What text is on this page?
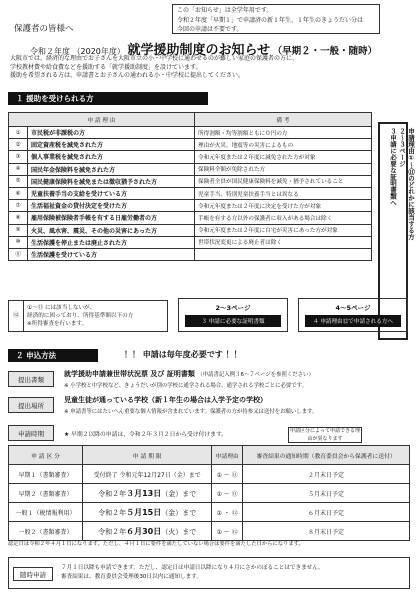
この「お知らせ」は全学年用です。
令和２年度「早期１」で申請済の新１年生、１年生のきょうだい分は
今回の申請は不要です。
保護者の皆様へ
令和２年度 （2020年度） 就学援助制度のお知らせ （早期２・一般・随時）
大阪市では、経済的な理由でお子さんを大阪市立の小・中学校に通わせるのが難しい家庭の保護者の方に、
学校教材費や給食費などを援助する「就学援助制度」を設けています。
援助を希望される方は、申請書とお子さんの通われる小・中学校に提出してください。
１ 援助を受けられる方
申 請 理 由		備 考
①	市民税が非課税の方	所得割額・均等割額ともに０円の方
②	固定資産税を減免された方	理由が火災、地震等の災害によるもの
③	個人事業税を減免された方	令和元年度または２年度に減免された方が対象
④	国民年金保険料を減免された方	保険料全額が免除された方
⑤	国民健康保険料を減免または徴収猶予された方	保険者全員が国民健康保険料を減免・猶予されていること
⑥	児童扶養手当の支給を受けている方	児童手当、特別児童扶養手当とは異なる
⑦	生活福祉資金の貸付決定を受けた方	令和元年度または２年度に決定を受けた方が対象
⑧	雇用保険被保険者手帳を有する日雇労働者の方	手帳を有する方以外の保護者に収入がある場合は除く
⑨	火災、風水害、震災、その他の災害にあった方	令和元年度または２年度に自宅が災害にあった方が対象
⑩	生活保護を停止または廃止された方	世帯状況変更による廃止者は除く
⑪	生活保護を受けている方	
申請理由①～⑪のどれかに該当する方
２〜３ページ
３申請に必要な証明書類へ
⑫
①～⑪ には該当しないが、
経済的に困っており、所得基準額以下の方
※所得審査を行います。
2〜3ページ
３ 申請に必要な証明書類
4〜5ページ
４ 申請理由⑫で申請される方へ
２ 申込方法	！！ 申請は毎年度必要です ！！
提出書類
就学援助申請兼世帯状況票 及び 証明書類 （申請書記入例３6〜７ページを参照ください）
※ 小学校と中学校など、きょうだいが別の学校に通学される場合、通学される学校ごとに必要です。
提出場所
児童生徒が通っている学校（新１年生の場合は入学予定の学校）
※ 申請書等にはたいへん重要な個人情報が含まれています。保護者の方が持参又は送付をお願いします。
申請時期	★ 早期２以降の申請は、令和２年３月２日から受け付けます。
申請区分によって申請できる理由が異なります
申 請 区 分	申 請 期 限	申請理由	審査結果の通知時期（教育委員会から保護者に送付）
早期１（書類審査）	受付終了 令和元年12月27日（金）まで	① 〜 ⑪	２月末日予定
早期２（書類審査）	令和２年３月13日（金）まで	① 〜 ⑪	５月末日予定
一般１（税情報利用）	令和２年５月15日（金）まで	① ・ ⑫	６月末日予定
一般２（書類審査）	令和２年６月30日（火）まで	① 〜 ⑫	８月末日予定
認定日は令和２年４月１日になります。ただし、４月１日に要件を満たしていない場合は要件を満たした日からになります。
随時申請
７月１日以降も申請できます。ただし、認定日は申請日以降になり４月にさかのぼることはできません。
審査結果は、教育委員会受理後30日以内に通知します。
